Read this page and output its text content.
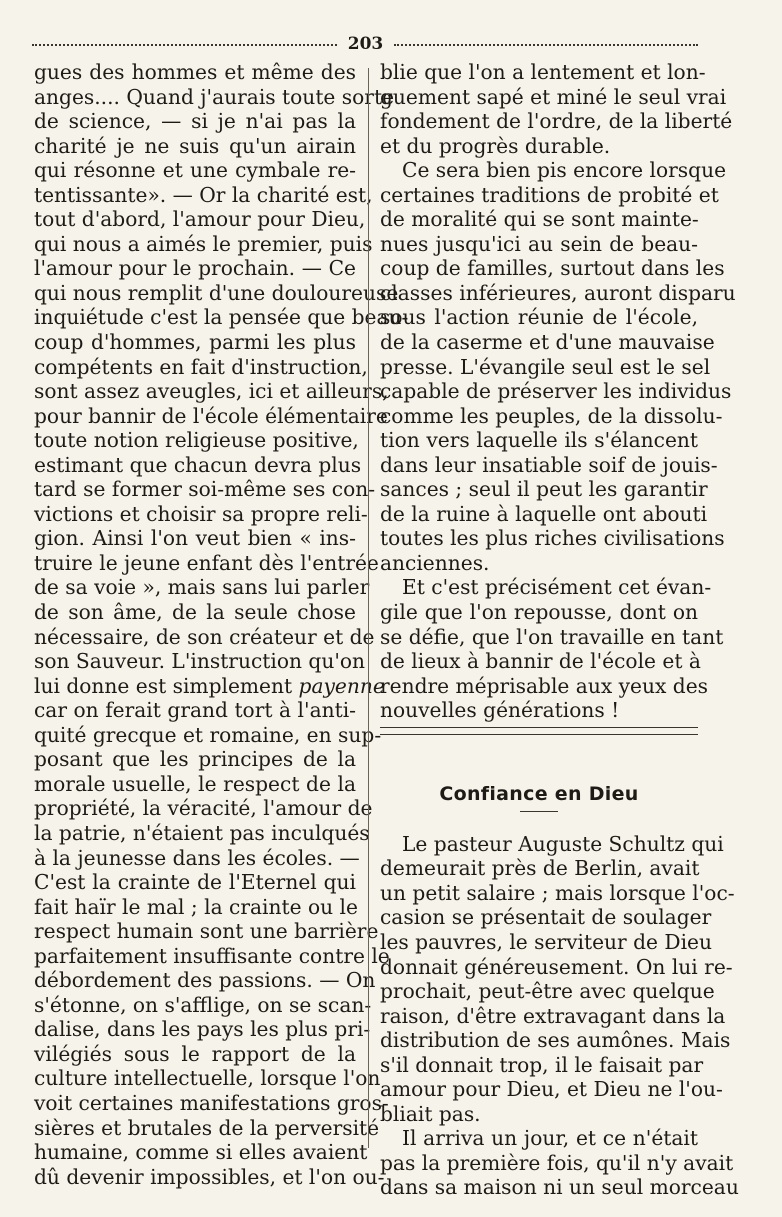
203
gues des hommes et même des
anges.... Quand j'aurais toute sorte
de science, — si je n'ai pas la
charité je ne suis qu'un airain
qui résonne et une cymbale re-
tentissante». — Or la charité est,
tout d'abord, l'amour pour Dieu,
qui nous a aimés le premier, puis
l'amour pour le prochain. — Ce
qui nous remplit d'une douloureuse
inquiétude c'est la pensée que beau-
coup d'hommes, parmi les plus
compétents en fait d'instruction,
sont assez aveugles, ici et ailleurs,
pour bannir de l'école élémentaire
toute notion religieuse positive,
estimant que chacun devra plus
tard se former soi-même ses con-
victions et choisir sa propre reli-
gion. Ainsi l'on veut bien « ins-
truire le jeune enfant dès l'entrée
de sa voie », mais sans lui parler
de son âme, de la seule chose
nécessaire, de son créateur et de
son Sauveur. L'instruction qu'on
lui donne est simplement payenne
car on ferait grand tort à l'anti-
quité grecque et romaine, en sup-
posant que les principes de la
morale usuelle, le respect de la
propriété, la véracité, l'amour de
la patrie, n'étaient pas inculqués
à la jeunesse dans les écoles. —
C'est la crainte de l'Eternel qui
fait haïr le mal ; la crainte ou le
respect humain sont une barrière
parfaitement insuffisante contre le
débordement des passions. — On
s'étonne, on s'afflige, on se scan-
dalise, dans les pays les plus pri-
vilégiés sous le rapport de la
culture intellectuelle, lorsque l'on
voit certaines manifestations gros-
sières et brutales de la perversité
humaine, comme si elles avaient
dû devenir impossibles, et l'on ou-
blie que l'on a lentement et lon-
guement sapé et miné le seul vrai
fondement de l'ordre, de la liberté
et du progrès durable.
Ce sera bien pis encore lorsque
certaines traditions de probité et
de moralité qui se sont mainte-
nues jusqu'ici au sein de beau-
coup de familles, surtout dans les
classes inférieures, auront disparu
sous l'action réunie de l'école,
de la caserme et d'une mauvaise
presse. L'évangile seul est le sel
capable de préserver les individus
comme les peuples, de la dissolu-
tion vers laquelle ils s'élancent
dans leur insatiable soif de jouis-
sances ; seul il peut les garantir
de la ruine à laquelle ont abouti
toutes les plus riches civilisations
anciennes.
Et c'est précisément cet évan-
gile que l'on repousse, dont on
se défie, que l'on travaille en tant
de lieux à bannir de l'école et à
rendre méprisable aux yeux des
nouvelles générations !
Confiance en Dieu
Le pasteur Auguste Schultz qui
demeurait près de Berlin, avait
un petit salaire ; mais lorsque l'oc-
casion se présentait de soulager
les pauvres, le serviteur de Dieu
donnait généreusement. On lui re-
prochait, peut-être avec quelque
raison, d'être extravagant dans la
distribution de ses aumônes. Mais
s'il donnait trop, il le faisait par
amour pour Dieu, et Dieu ne l'ou-
bliait pas.
Il arriva un jour, et ce n'était
pas la première fois, qu'il n'y avait
dans sa maison ni un seul morceau
